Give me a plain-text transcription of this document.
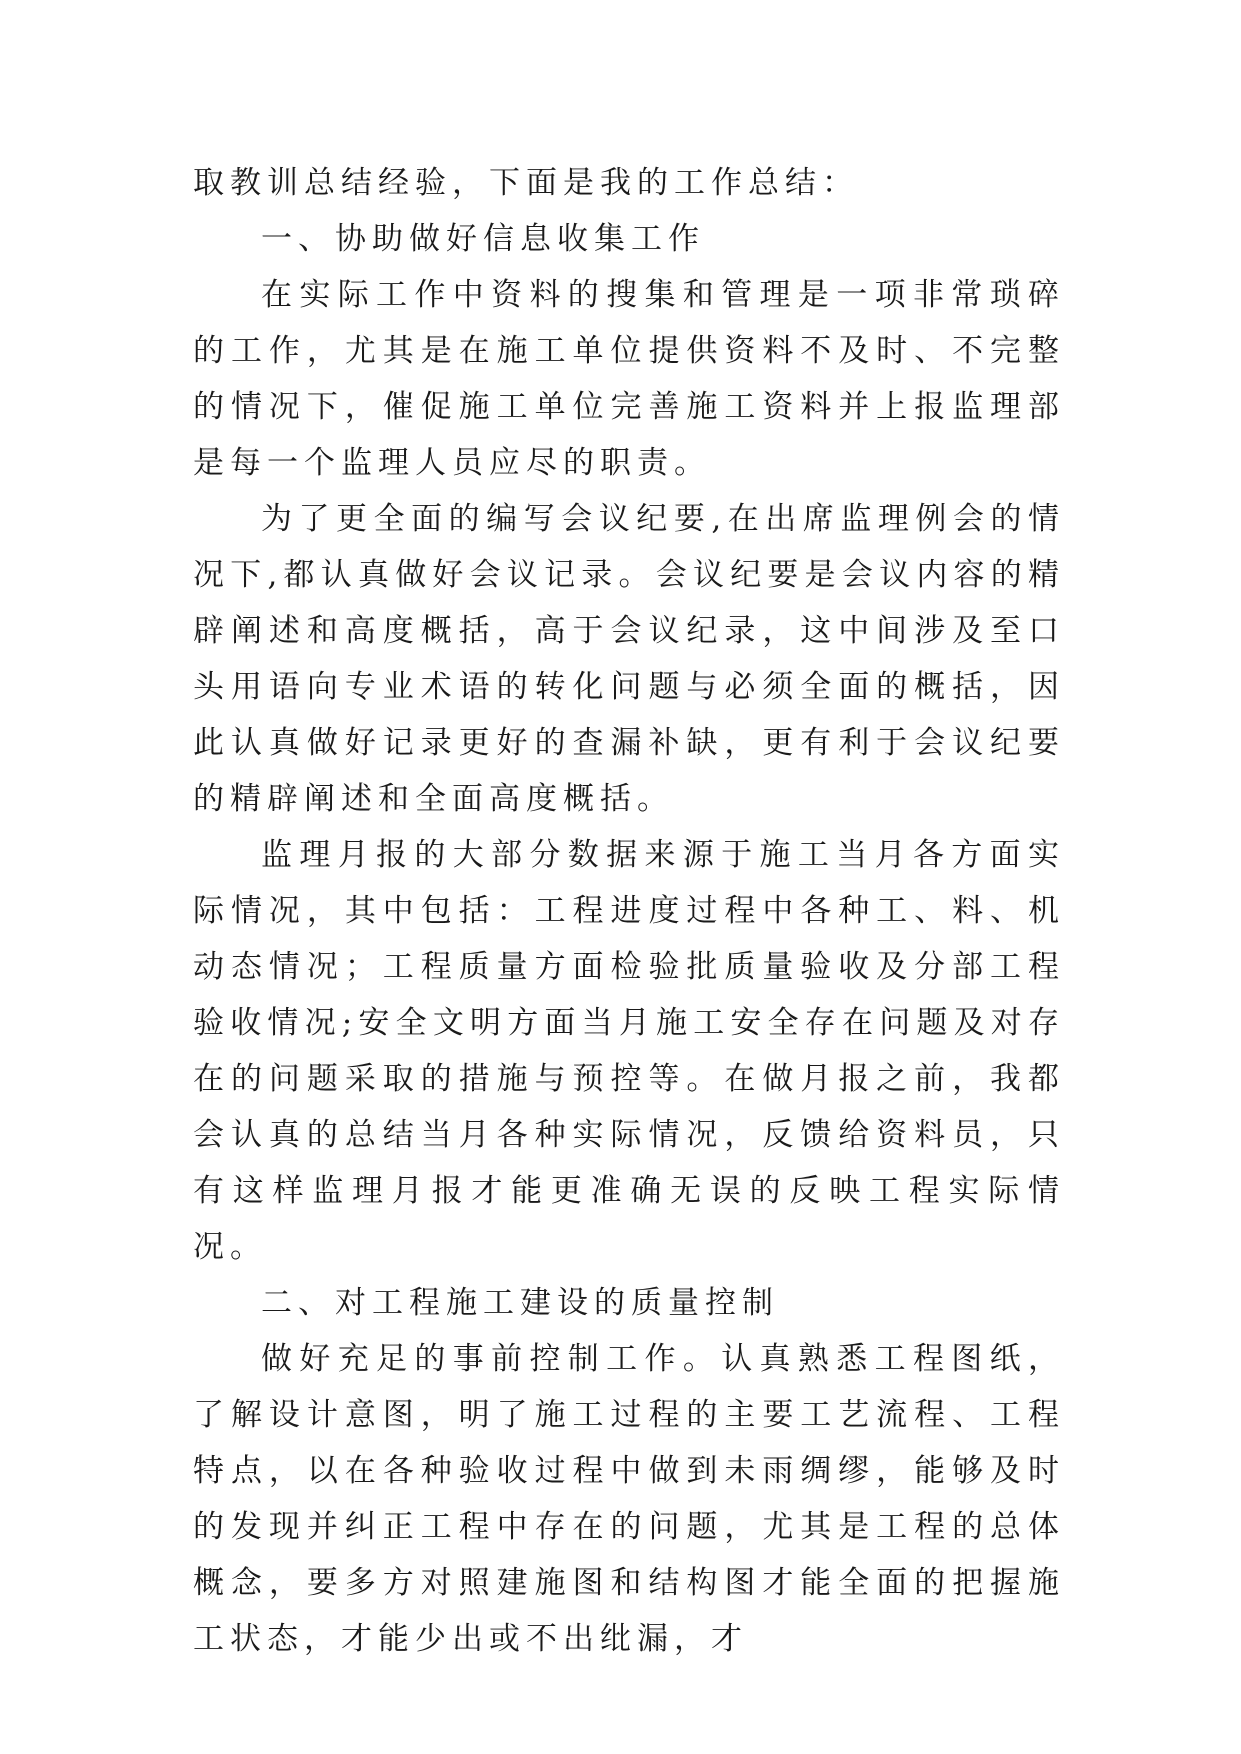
取教训总结经验，下面是我的工作总结：

一、协助做好信息收集工作

在实际工作中资料的搜集和管理是一项非常琐碎的工作，尤其是在施工单位提供资料不及时、不完整的情况下，催促施工单位完善施工资料并上报监理部是每一个监理人员应尽的职责。

为了更全面的编写会议纪要,在出席监理例会的情况下,都认真做好会议记录。会议纪要是会议内容的精辟阐述和高度概括，高于会议纪录，这中间涉及至口头用语向专业术语的转化问题与必须全面的概括，因此认真做好记录更好的查漏补缺，更有利于会议纪要的精辟阐述和全面高度概括。

监理月报的大部分数据来源于施工当月各方面实际情况，其中包括：工程进度过程中各种工、料、机动态情况；工程质量方面检验批质量验收及分部工程验收情况;安全文明方面当月施工安全存在问题及对存在的问题采取的措施与预控等。在做月报之前，我都会认真的总结当月各种实际情况，反馈给资料员，只有这样监理月报才能更准确无误的反映工程实际情况。

二、对工程施工建设的质量控制

做好充足的事前控制工作。认真熟悉工程图纸，了解设计意图，明了施工过程的主要工艺流程、工程特点，以在各种验收过程中做到未雨绸缪，能够及时的发现并纠正工程中存在的问题，尤其是工程的总体概念，要多方对照建施图和结构图才能全面的把握施工状态，才能少出或不出纰漏，才
